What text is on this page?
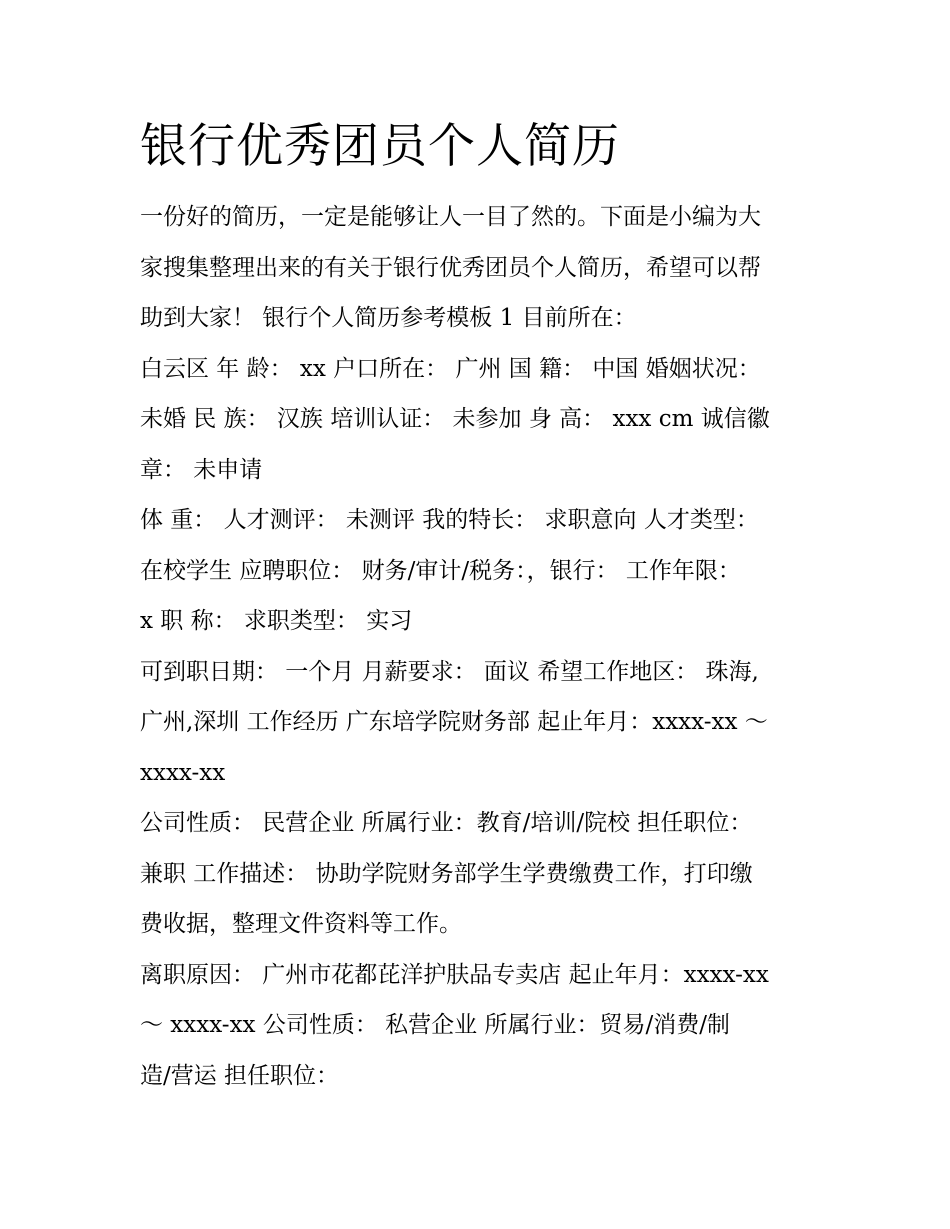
银行优秀团员个人简历

一份好的简历，一定是能够让人一目了然的。下面是小编为大
家搜集整理出来的有关于银行优秀团员个人简历，希望可以帮
助到大家！ 银行个人简历参考模板 1 目前所在：

白云区 年 龄： xx 户口所在： 广州 国 籍： 中国 婚姻状况：
未婚 民 族： 汉族 培训认证： 未参加 身 高： xxx cm 诚信徽
章： 未申请

体 重： 人才测评： 未测评 我的特长： 求职意向 人才类型：
在校学生 应聘职位： 财务/审计/税务：，银行： 工作年限：
x 职 称： 求职类型： 实习

可到职日期： 一个月 月薪要求： 面议 希望工作地区： 珠海,
广州,深圳 工作经历 广东培学院财务部 起止年月：xxxx-xx ～
xxxx-xx

公司性质： 民营企业 所属行业：教育/培训/院校 担任职位：
兼职 工作描述： 协助学院财务部学生学费缴费工作，打印缴
费收据，整理文件资料等工作。

离职原因： 广州市花都芘洋护肤品专卖店 起止年月：xxxx-xx
～ xxxx-xx 公司性质： 私营企业 所属行业：贸易/消费/制
造/营运 担任职位：
